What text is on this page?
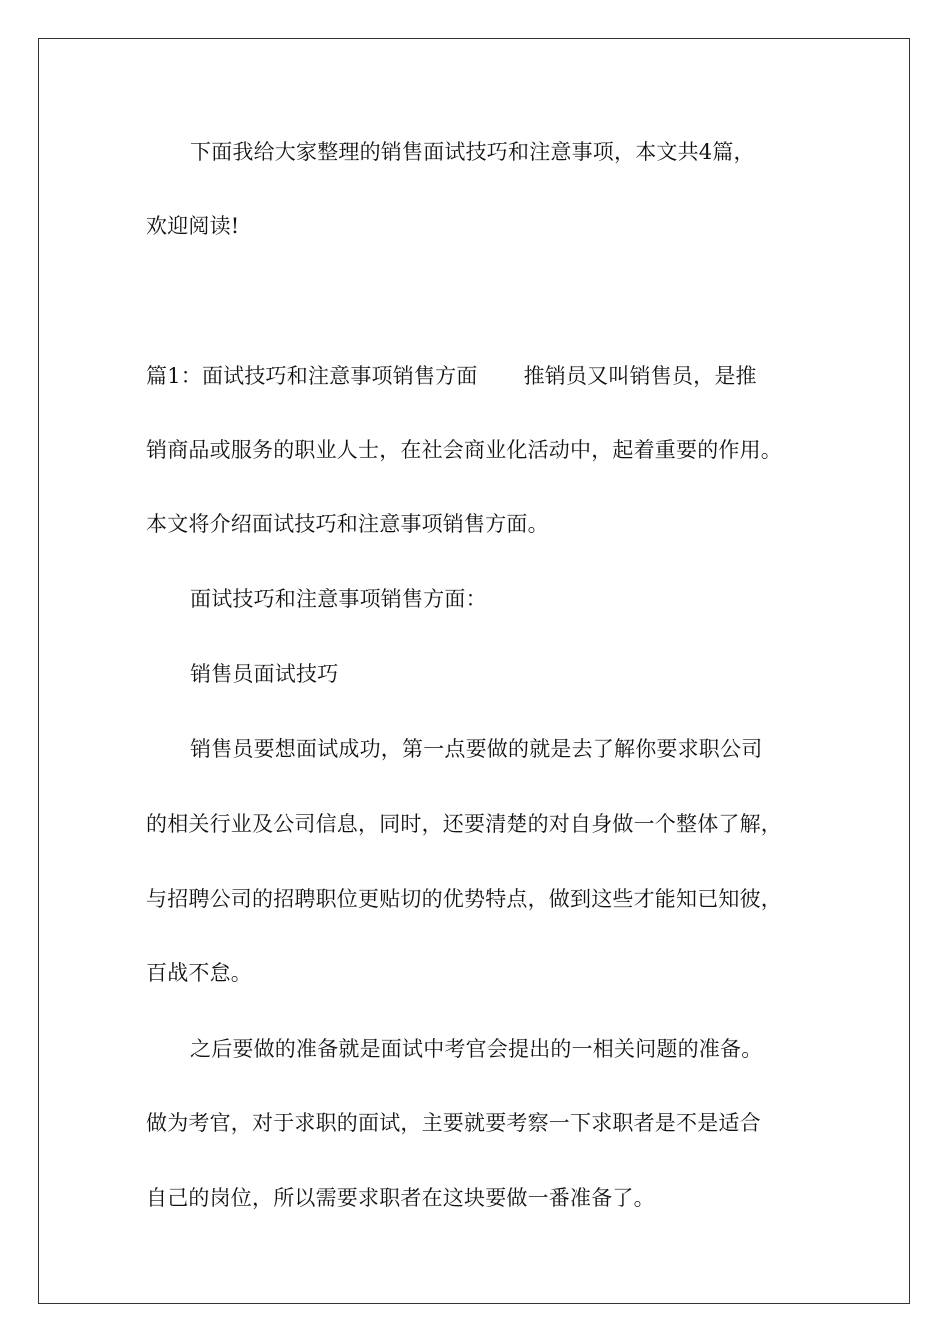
下面我给大家整理的销售面试技巧和注意事项，本文共4篇，
欢迎阅读!
篇1：面试技巧和注意事项销售方面 推销员又叫销售员，是推
销商品或服务的职业人士，在社会商业化活动中，起着重要的作用。
本文将介绍面试技巧和注意事项销售方面。
面试技巧和注意事项销售方面：
销售员面试技巧
销售员要想面试成功，第一点要做的就是去了解你要求职公司
的相关行业及公司信息，同时，还要清楚的对自身做一个整体了解，
与招聘公司的招聘职位更贴切的优势特点，做到这些才能知已知彼，
百战不怠。
之后要做的准备就是面试中考官会提出的一相关问题的准备。
做为考官，对于求职的面试，主要就要考察一下求职者是不是适合
自己的岗位，所以需要求职者在这块要做一番准备了。
